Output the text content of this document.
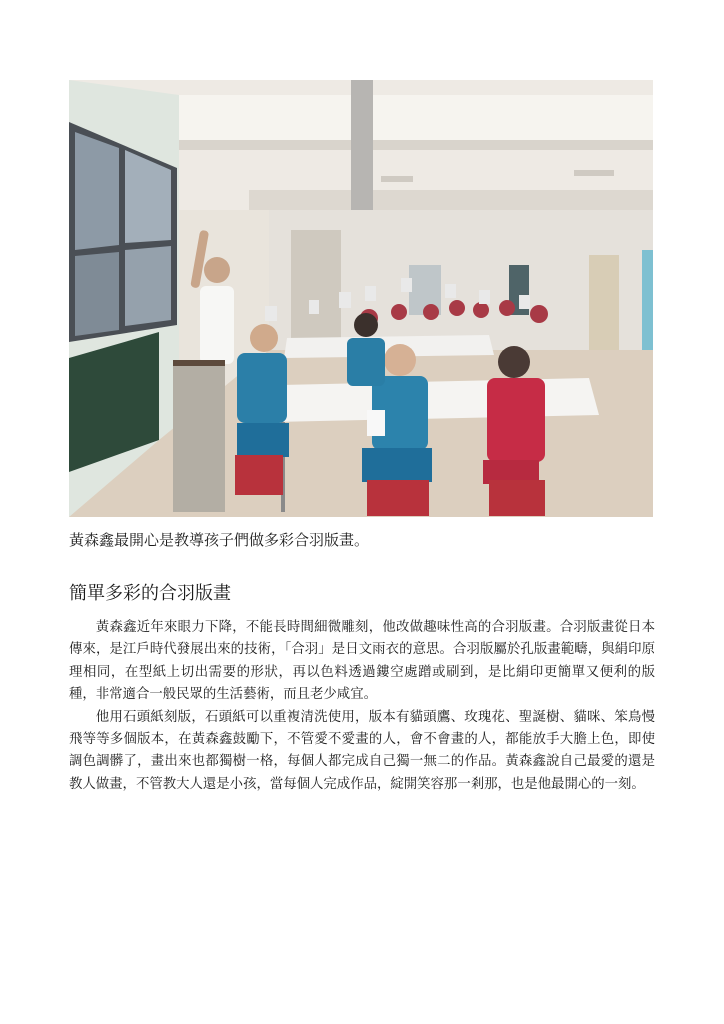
黃森鑫最開心是教導孩子們做多彩合羽版畫。
簡單多彩的合羽版畫

黃森鑫近年來眼力下降，不能長時間細微雕刻，他改做趣味性高的合羽版畫。合羽版畫從日本傳來，是江戶時代發展出來的技術，「合羽」是日文雨衣的意思。合羽版屬於孔版畫範疇，與絹印原理相同，在型紙上切出需要的形狀，再以色料透過鏤空處蹭或刷到，是比絹印更簡單又便利的版種，非常適合一般民眾的生活藝術，而且老少咸宜。

他用石頭紙刻版，石頭紙可以重複清洗使用，版本有貓頭鷹、玫瑰花、聖誕樹、貓咪、笨鳥慢飛等等多個版本，在黃森鑫鼓勵下，不管愛不愛畫的人，會不會畫的人，都能放手大膽上色，即使調色調髒了，畫出來也都獨樹一格，每個人都完成自己獨一無二的作品。黃森鑫說自己最愛的還是教人做畫，不管教大人還是小孩，當每個人完成作品，綻開笑容那一剎那，也是他最開心的一刻。
